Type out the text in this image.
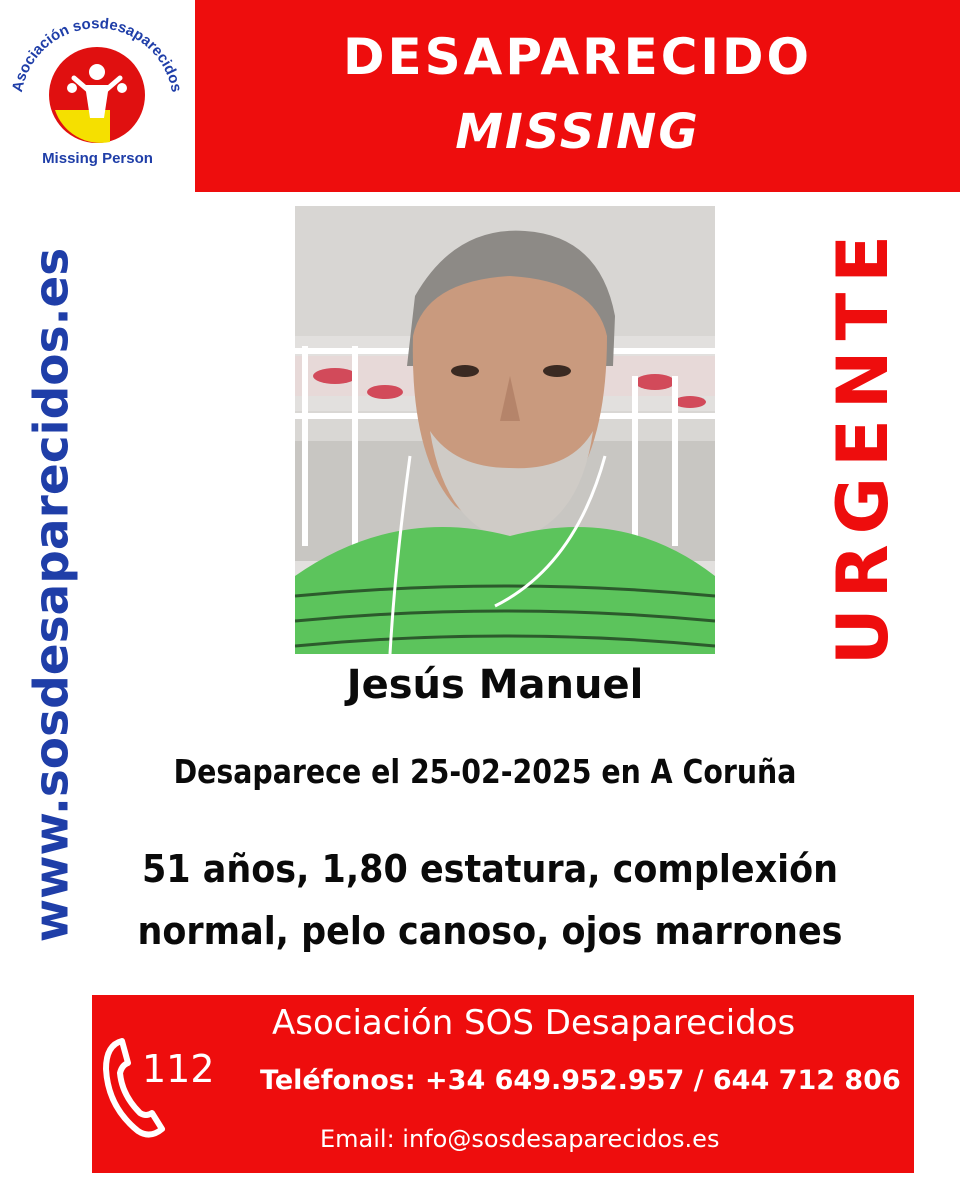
Asociación sosdesaparecidos
Missing Person
DESAPARECIDO
MISSING
www.sosdesaparecidos.es	URGENTE
Jesús Manuel
Desaparece el 25-02-2025 en A Coruña
51 años, 1,80 estatura, complexión
normal, pelo canoso, ojos marrones
112
Asociación SOS Desaparecidos
Teléfonos: +34 649.952.957 / 644 712 806
Email: info@sosdesaparecidos.es
